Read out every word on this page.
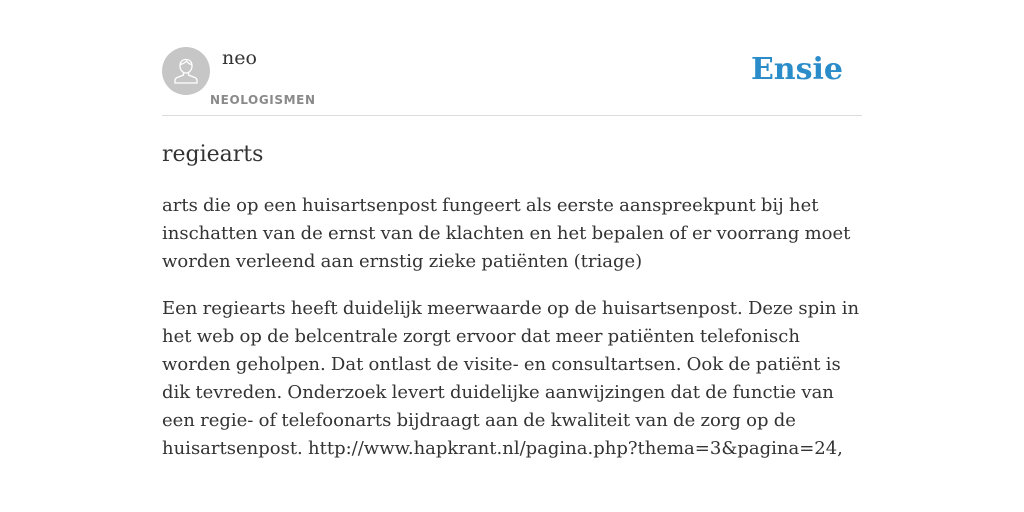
neo
NEOLOGISMEN
Ensie
regiearts

arts die op een huisartsenpost fungeert als eerste aanspreekpunt bij het inschatten van de ernst van de klachten en het bepalen of er voorrang moet worden verleend aan ernstig zieke patiënten (triage)

Een regiearts heeft duidelijk meerwaarde op de huisartsenpost. Deze spin in het web op de belcentrale zorgt ervoor dat meer patiënten telefonisch worden geholpen. Dat ontlast de visite- en consultartsen. Ook de patiënt is dik tevreden. Onderzoek levert duidelijke aanwijzingen dat de functie van een regie- of telefoonarts bijdraagt aan de kwaliteit van de zorg op de huisartsenpost. http://www.hapkrant.nl/pagina.php?thema=3&pagina=24,
